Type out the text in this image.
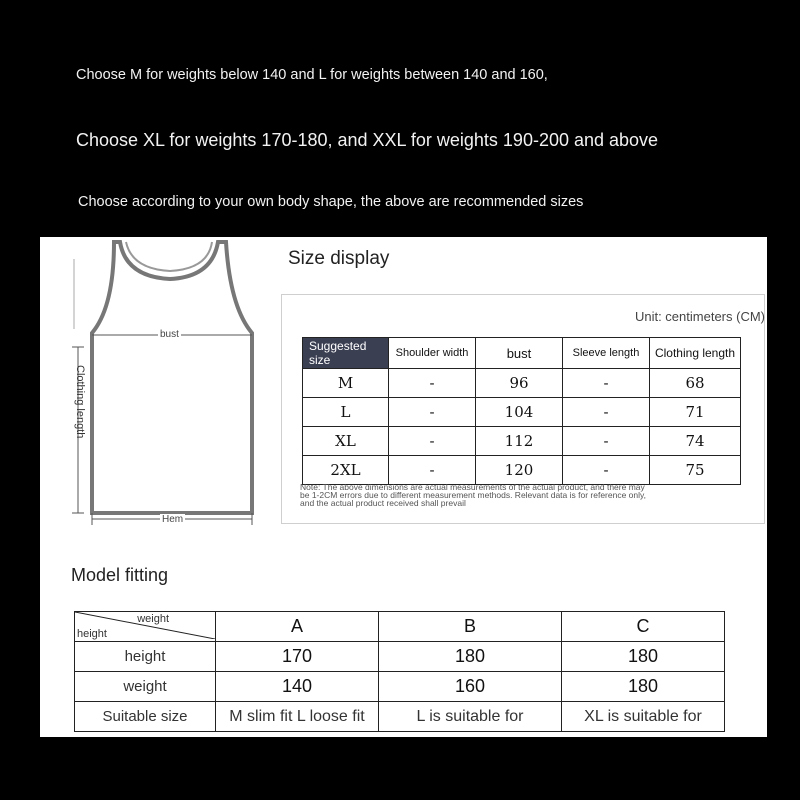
Choose M for weights below 140 and L for weights between 140 and 160,
Choose XL for weights 170-180, and XXL for weights 190-200 and above
Choose according to your own body shape, the above are recommended sizes
bust
Clothing length
Hem
Size display
Unit: centimeters (CM)
Suggested size	Shoulder width	bust	Sleeve length	Clothing length
M	-	96	-	68
L	-	104	-	71
XL	-	112	-	74
2XL	-	120	-	75
Note: The above dimensions are actual measurements of the actual product, and there may be 1-2CM errors due to different measurement methods. Relevant data is for reference only, and the actual product received shall prevail
Model fitting
weight
height	A	B	C
height	170	180	180
weight	140	160	180
Suitable size	M slim fit L loose fit	L is suitable for	XL is suitable for
